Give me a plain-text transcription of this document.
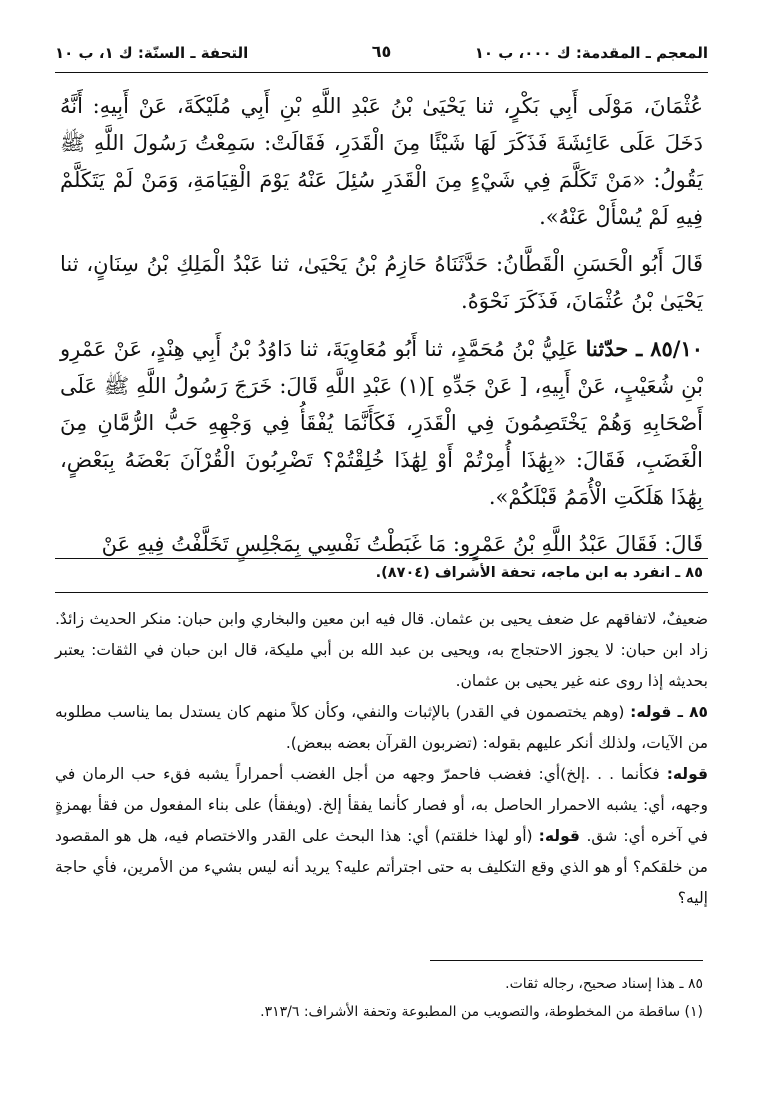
المعجم ـ المقدمة: ك ٠٠٠، ب ١٠
٦٥
التحفة ـ السنّة: ك ١، ب ١٠

عُثْمَانَ، مَوْلَى أَبِي بَكْرٍ، ثنا يَحْيَىٰ بْنُ عَبْدِ اللَّهِ بْنِ أَبِي مُلَيْكَةَ، عَنْ أَبِيهِ: أَنَّهُ دَخَلَ عَلَى عَائِشَةَ فَذَكَرَ لَهَا شَيْئًا مِنَ الْقَدَرِ، فَقَالَتْ: سَمِعْتُ رَسُولَ اللَّهِ ﷺ يَقُولُ: «مَنْ تَكَلَّمَ فِي شَيْءٍ مِنَ الْقَدَرِ سُئِلَ عَنْهُ يَوْمَ الْقِيَامَةِ، وَمَنْ لَمْ يَتَكَلَّمْ فِيهِ لَمْ يُسْأَلْ عَنْهُ».

قَالَ أَبُو الْحَسَنِ الْقَطَّانُ: حَدَّثَنَاهُ حَازِمُ بْنُ يَحْيَىٰ، ثنا عَبْدُ الْمَلِكِ بْنُ سِنَانٍ، ثنا يَحْيَىٰ بْنُ عُثْمَانَ، فَذَكَرَ نَحْوَهُ.

٨٥/١٠ ـ حدّثنا عَلِيُّ بْنُ مُحَمَّدٍ، ثنا أَبُو مُعَاوِيَةَ، ثنا دَاوُدُ بْنُ أَبِي هِنْدٍ، عَنْ عَمْرِو بْنِ شُعَيْبٍ، عَنْ أَبِيهِ، [ عَنْ جَدِّهِ ](١) عَبْدِ اللَّهِ قَالَ: خَرَجَ رَسُولُ اللَّهِ ﷺ عَلَى أَصْحَابِهِ وَهُمْ يَخْتَصِمُونَ فِي الْقَدَرِ، فَكَأَنَّمَا يُفْقَأُ فِي وَجْهِهِ حَبُّ الرُّمَّانِ مِنَ الْغَضَبِ، فَقَالَ: «بِهَٰذَا أُمِرْتُمْ أَوْ لِهَٰذَا خُلِقْتُمْ؟ تَضْرِبُونَ الْقُرْآنَ بَعْضَهُ بِبَعْضٍ، بِهَٰذَا هَلَكَتِ الْأُمَمُ قَبْلَكُمْ».

قَالَ: فَقَالَ عَبْدُ اللَّهِ بْنُ عَمْرٍو: مَا غَبَطْتُ نَفْسِي بِمَجْلِسٍ تَخَلَّفْتُ فِيهِ عَنْ

٨٥ ـ انفرد به ابن ماجه، تحفة الأشراف (٨٧٠٤).

ضعيفٌ، لاتفاقهم عل ضعف يحيى بن عثمان. قال فيه ابن معين والبخاري وابن حبان: منكر الحديث زائدٌ. زاد ابن حبان: لا يجوز الاحتجاج به، ويحيى بن عبد الله بن أبي مليكة، قال ابن حبان في الثقات: يعتبر بحديثه إذا روى عنه غير يحيى بن عثمان.

٨٥ ـ قوله: (وهم يختصمون في القدر) بالإثبات والنفي، وكأن كلاً منهم كان يستدل بما يناسب مطلوبه من الآيات، ولذلك أنكر عليهم بقوله: (تضربون القرآن بعضه ببعض).

قوله: فكأنما . . .إلخ)أي: فغضب فاحمرّ وجهه من أجل الغضب أحمراراً يشبه فقء حب الرمان في وجهه، أي: يشبه الاحمرار الحاصل به، أو فصار كأنما يفقأ إلخ. (ويفقأ) على بناء المفعول من فقأ بهمزةٍ في آخره أي: شق. قوله: (أو لهذا خلقتم) أي: هذا البحث على القدر والاختصام فيه، هل هو المقصود من خلقكم؟ أو هو الذي وقع التكليف به حتى اجترأتم عليه؟ يريد أنه ليس بشيء من الأمرين، فأي حاجة إليه؟

٨٥ ـ هذا إسناد صحيح، رجاله ثقات.

(١) ساقطة من المخطوطة، والتصويب من المطبوعة وتحفة الأشراف: ٣١٣/٦.
